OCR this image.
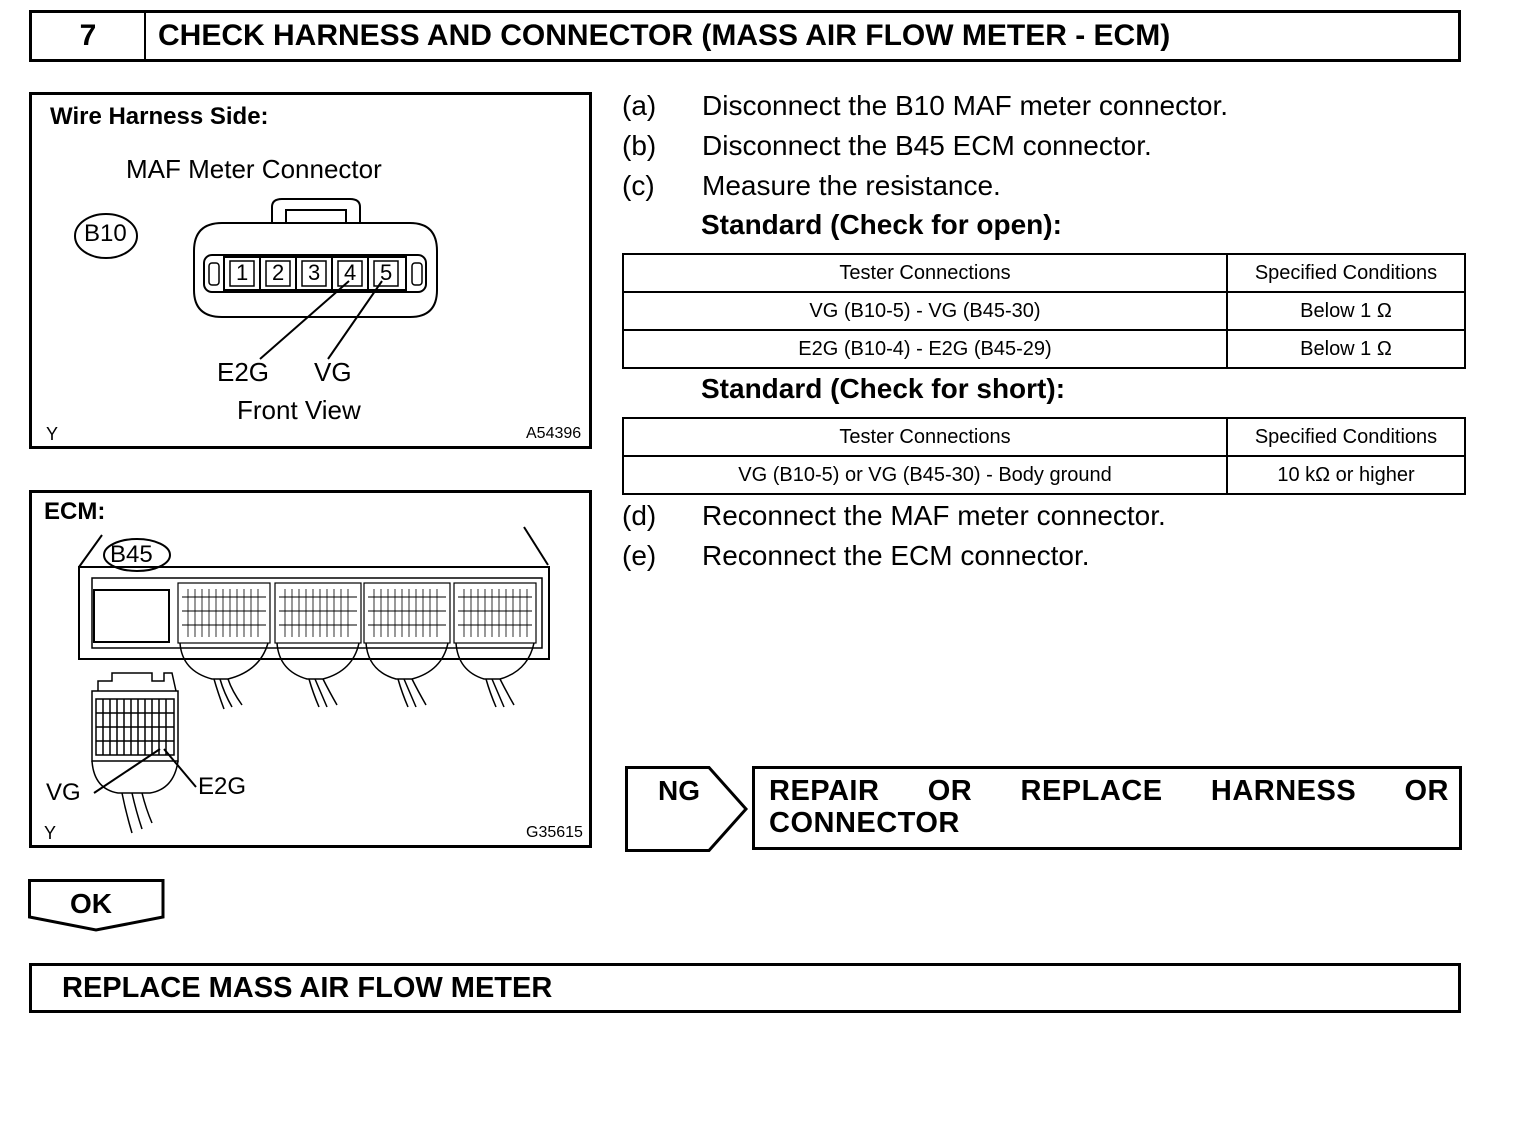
7	CHECK HARNESS AND CONNECTOR (MASS AIR FLOW METER - ECM)
Wire Harness Side:
MAF Meter Connector
B10
1 2 3 4 5
E2G VG
Front View
Y	A54396
ECM:
B45
VG	E2G
Y	G35615
(a) Disconnect the B10 MAF meter connector.
(b) Disconnect the B45 ECM connector.
(c) Measure the resistance.
Standard (Check for open):
Tester Connections	Specified Conditions
VG (B10-5) - VG (B45-30)	Below 1 Ω
E2G (B10-4) - E2G (B45-29)	Below 1 Ω
Standard (Check for short):
Tester Connections	Specified Conditions
VG (B10-5) or VG (B45-30) - Body ground	10 kΩ or higher
(d) Reconnect the MAF meter connector.
(e) Reconnect the ECM connector.
NG REPAIR OR REPLACE HARNESS OR CONNECTOR
OK
REPLACE MASS AIR FLOW METER
